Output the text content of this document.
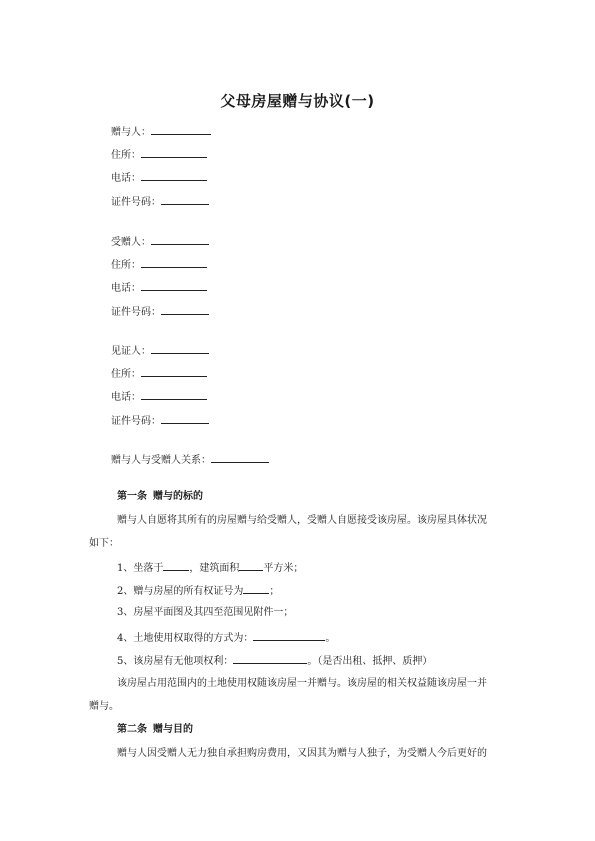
父母房屋赠与协议(一)
赠与人：
住所：
电话：
证件号码：
受赠人：
住所：
电话：
证件号码：
见证人：
住所：
电话：
证件号码：
赠与人与受赠人关系：
第一条 赠与的标的
赠与人自愿将其所有的房屋赠与给受赠人，受赠人自愿接受该房屋。该房屋具体状况
如下：
1、坐落于	，建筑面积 平方米；
2、赠与房屋的所有权证号为	；
3、房屋平面图及其四至范围见附件一；
4、土地使用权取得的方式为：	。
5、该房屋有无他项权利：	。（是否出租、抵押、质押）
该房屋占用范围内的土地使用权随该房屋一并赠与。该房屋的相关权益随该房屋一并
赠与。
第二条 赠与目的
赠与人因受赠人无力独自承担购房费用，又因其为赠与人独子，为受赠人今后更好的
